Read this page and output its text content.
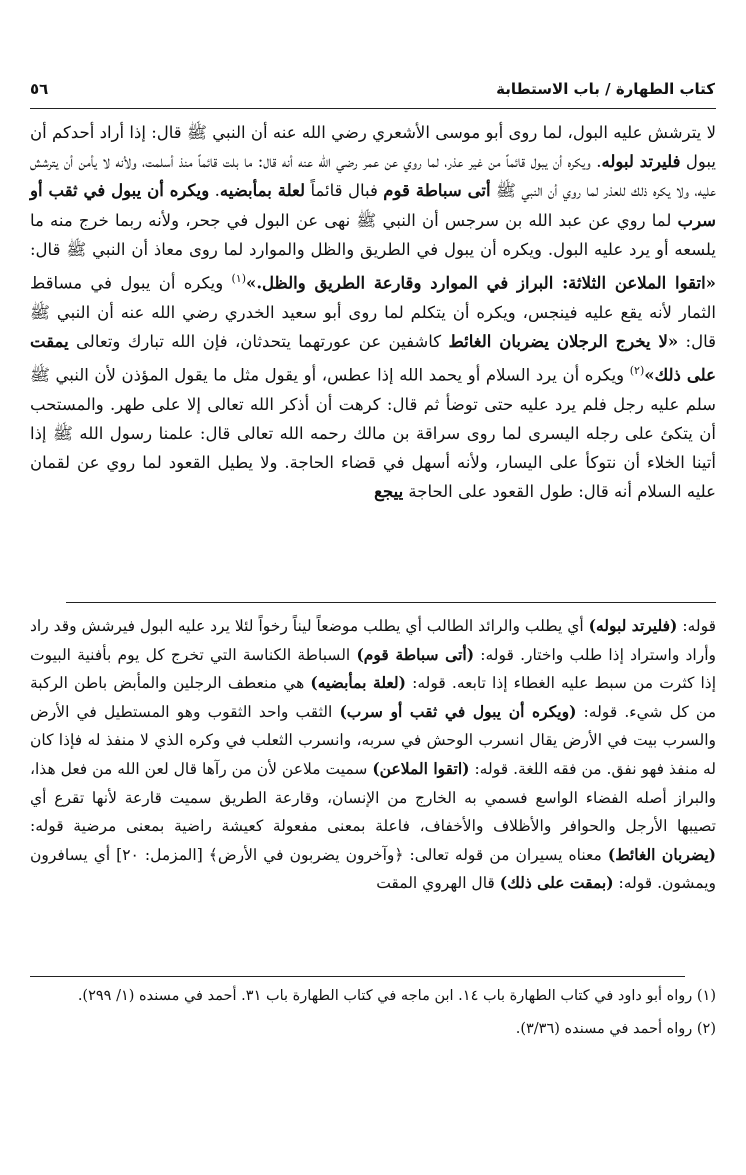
كتاب الطهارة / باب الاستطابة
٥٦

لا يترشش عليه البول، لما روى أبو موسى الأشعري رضي الله عنه أن النبي ﷺ قال: إذا أراد أحدكم أن يبول فليرتد لبوله. ويكره أن يبول قائماً من غير عذر، لما روي عن عمر رضي الله عنه أنه قال: ما بلت قائماً منذ أسلمت، ولأنه لا يأمن أن يترشش عليه، ولا يكره ذلك للعذر لما روي أن النبي ﷺ أتى سباطة قوم فبال قائماً لعلة بمأبضيه. ويكره أن يبول في ثقب أو سرب لما روي عن عبد الله بن سرجس أن النبي ﷺ نهى عن البول في جحر، ولأنه ربما خرج منه ما يلسعه أو يرد عليه البول. ويكره أن يبول في الطريق والظل والموارد لما روى معاذ أن النبي ﷺ قال: «اتقوا الملاعن الثلاثة: البراز في الموارد وقارعة الطريق والظل.»$^{(١)}$ ويكره أن يبول في مساقط الثمار لأنه يقع عليه فينجس، ويكره أن يتكلم لما روى أبو سعيد الخدري رضي الله عنه أن النبي ﷺ قال: «لا يخرج الرجلان يضربان الغائط كاشفين عن عورتهما يتحدثان، فإن الله تبارك وتعالى يمقت على ذلك»$^{(٢)}$ ويكره أن يرد السلام أو يحمد الله إذا عطس، أو يقول مثل ما يقول المؤذن لأن النبي ﷺ سلم عليه رجل فلم يرد عليه حتى توضأ ثم قال: كرهت أن أذكر الله تعالى إلا على طهر. والمستحب أن يتكئ على رجله اليسرى لما روى سراقة بن مالك رحمه الله تعالى قال: علمنا رسول الله ﷺ إذا أتينا الخلاء أن نتوكأ على اليسار، ولأنه أسهل في قضاء الحاجة. ولا يطيل القعود لما روي عن لقمان عليه السلام أنه قال: طول القعود على الحاجة ييجع

قوله: (فليرتد لبوله) أي يطلب والرائد الطالب أي يطلب موضعاً ليناً رخواً لئلا يرد عليه البول فيرشش وقد راد وأراد واستراد إذا طلب واختار. قوله: (أتى سباطة قوم) السباطة الكناسة التي تخرج كل يوم بأفنية البيوت إذا كثرت من سبط عليه الغطاء إذا تابعه. قوله: (لعلة بمأبضيه) هي منعطف الرجلين والمأبض باطن الركبة من كل شيء. قوله: (ويكره أن يبول في ثقب أو سرب) الثقب واحد الثقوب وهو المستطيل في الأرض والسرب بيت في الأرض يقال انسرب الوحش في سربه، وانسرب الثعلب في وكره الذي لا منفذ له فإذا كان له منفذ فهو نفق. من فقه اللغة. قوله: (اتقوا الملاعن) سميت ملاعن لأن من رآها قال لعن الله من فعل هذا، والبراز أصله الفضاء الواسع فسمي به الخارج من الإنسان، وقارعة الطريق سميت قارعة لأنها تقرع أي تصيبها الأرجل والحوافر والأظلاف والأخفاف، فاعلة بمعنى مفعولة كعيشة راضية بمعنى مرضية قوله: (يضربان الغائط) معناه يسيران من قوله تعالى: ﴿وآخرون يضربون في الأرض﴾ [المزمل: ٢٠] أي يسافرون ويمشون. قوله: (بمقت على ذلك) قال الهروي المقت

(١) رواه أبو داود في كتاب الطهارة باب ١٤. ابن ماجه في كتاب الطهارة باب ٣١. أحمد في مسنده (١/ ٢٩٩).

(٢) رواه أحمد في مسنده (٣/٣٦).
